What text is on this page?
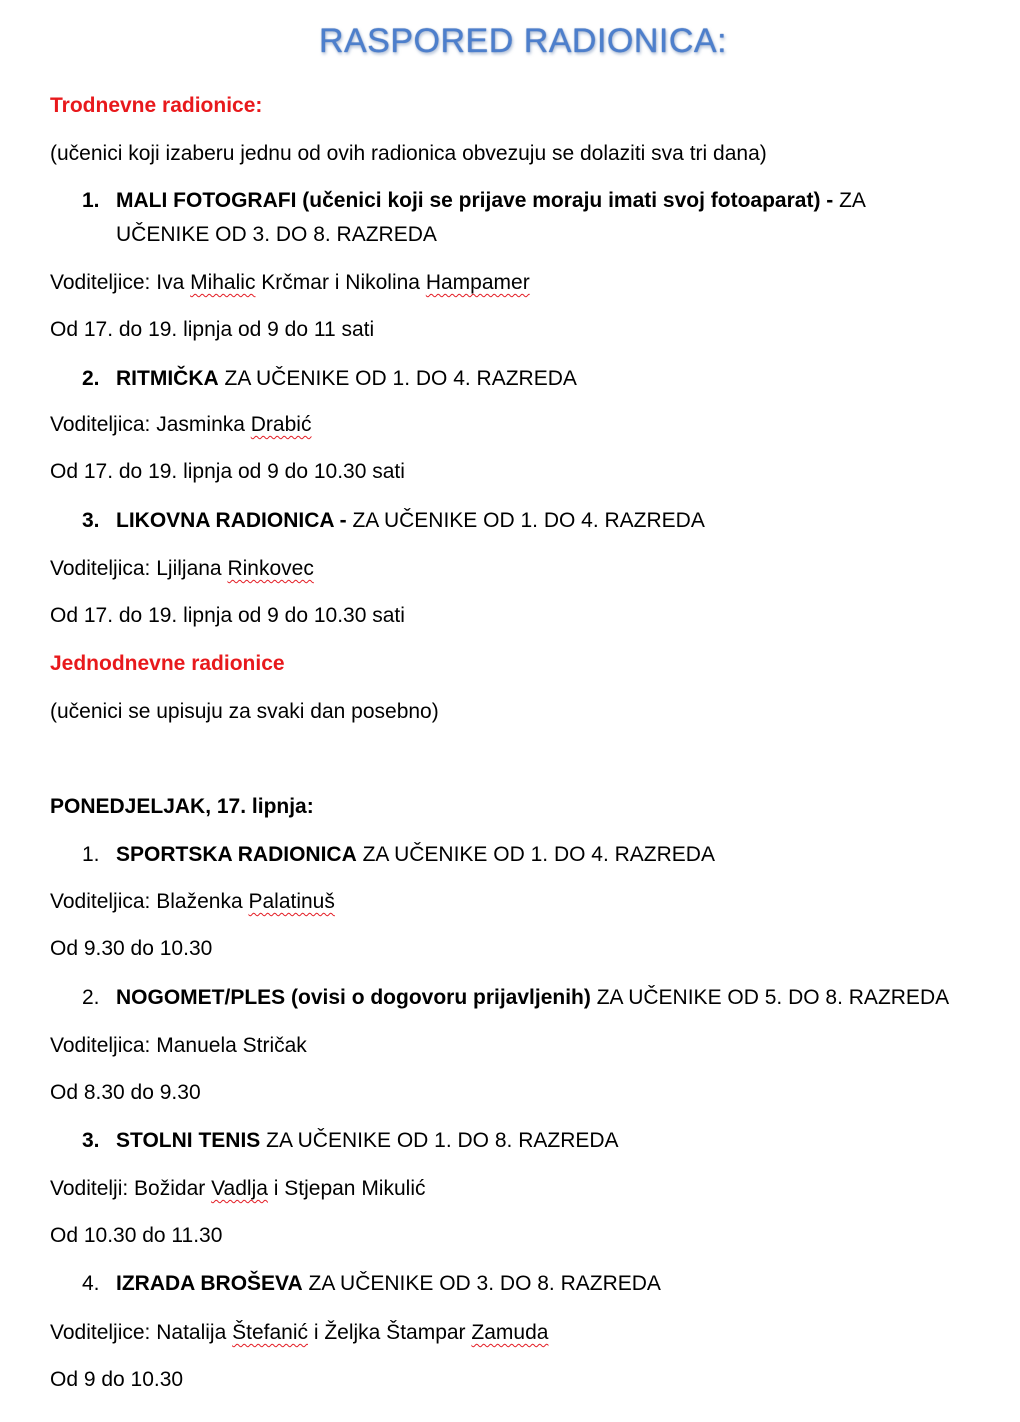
RASPORED RADIONICA:
Trodnevne radionice:
(učenici koji izaberu jednu od ovih radionica obvezuju se dolaziti sva tri dana)
1. MALI FOTOGRAFI (učenici koji se prijave moraju imati svoj fotoaparat) - ZA
UČENIKE OD 3. DO 8. RAZREDA
Voditeljice: Iva Mihalic Krčmar i Nikolina Hampamer
Od 17. do 19. lipnja od 9 do 11 sati
2. RITMIČKA ZA UČENIKE OD 1. DO 4. RAZREDA
Voditeljica: Jasminka Drabić
Od 17. do 19. lipnja od 9 do 10.30 sati
3. LIKOVNA RADIONICA - ZA UČENIKE OD 1. DO 4. RAZREDA
Voditeljica: Ljiljana Rinkovec
Od 17. do 19. lipnja od 9 do 10.30 sati
Jednodnevne radionice
(učenici se upisuju za svaki dan posebno)
PONEDJELJAK, 17. lipnja:
1. SPORTSKA RADIONICA ZA UČENIKE OD 1. DO 4. RAZREDA
Voditeljica: Blaženka Palatinuš
Od 9.30 do 10.30
2. NOGOMET/PLES (ovisi o dogovoru prijavljenih) ZA UČENIKE OD 5. DO 8. RAZREDA
Voditeljica: Manuela Stričak
Od 8.30 do 9.30
3. STOLNI TENIS ZA UČENIKE OD 1. DO 8. RAZREDA
Voditelji: Božidar Vadlja i Stjepan Mikulić
Od 10.30 do 11.30
4. IZRADA BROŠEVA ZA UČENIKE OD 3. DO 8. RAZREDA
Voditeljice: Natalija Štefanić i Željka Štampar Zamuda
Od 9 do 10.30
